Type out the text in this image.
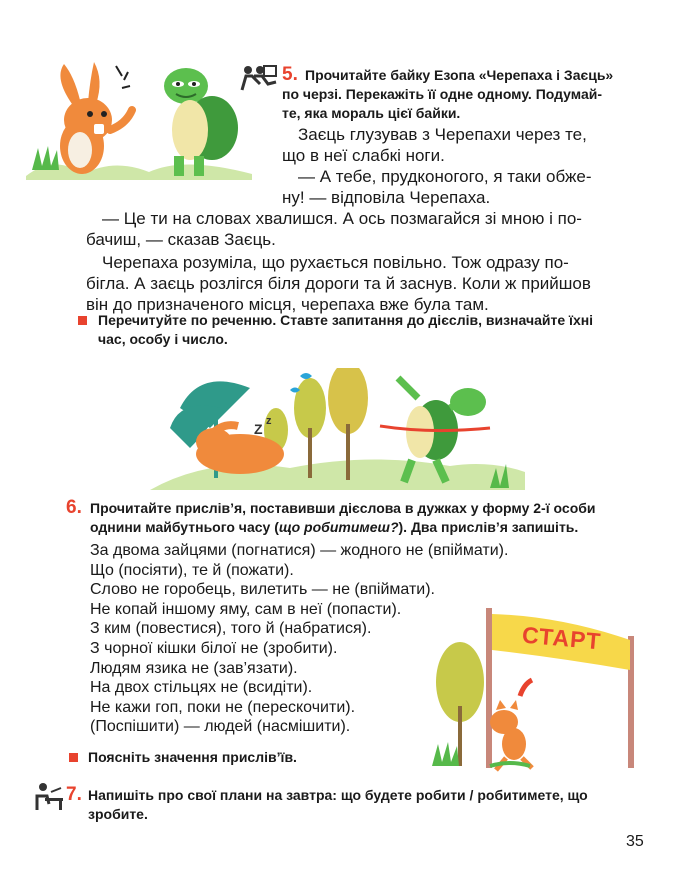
5. Прочитайте байку Езопа «Черепаха і Заєць»
по черзі. Перекажіть її одне одному. Подумай-
те, яка мораль цієї байки.
Заєць глузував з Черепахи через те,
що в неї слабкі ноги.
— А тебе, прудконогого, я таки обже-
ну! — відповіла Черепаха.
— Це ти на словах хвалишся. А ось позмагайся зі мною і по-
бачиш, — сказав Заєць.
Черепаха розуміла, що рухається повільно. Тож одразу по-
бігла. А заєць розлігся біля дороги та й заснув. Коли ж прийшов
він до призначеного місця, черепаха вже була там.
Перечитуйте по реченню. Ставте запитання до дієслів, визначайте їхні
час, особу і число.
Z z
6. Прочитайте прислів’я, поставивши дієслова в дужках у форму 2-ї особи
однини майбутнього часу (що робитимеш?). Два прислів’я запишіть.
За двома зайцями (погнатися) — жодного не (впіймати).
Що (посіяти), те й (пожати).
Слово не горобець, вилетить — не (впіймати).
Не копай іншому яму, сам в неї (попасти).
З ким (повестися), того й (набратися).
З чорної кішки білої не (зробити).
Людям язика не (зав’язати).
На двох стільцях не (всидіти).
Не кажи гоп, поки не (перескочити).
(Поспішити) — людей (насмішити).
СТАРТ
Поясніть значення прислів’їв.
7. Напишіть про свої плани на завтра: що будете робити / робитимете, що
зробите.
35
